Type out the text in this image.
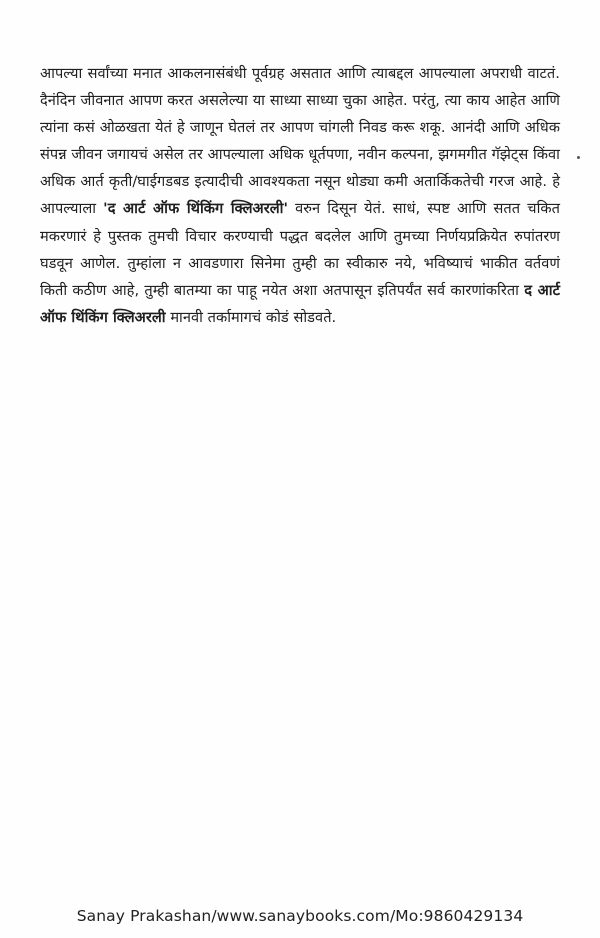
आपल्या सर्वांच्या मनात आकलनासंबंधी पूर्वग्रह असतात आणि त्याबद्दल आपल्याला अपराधी वाटतं. दैनंदिन जीवनात आपण करत असलेल्या या साध्या साध्या चुका आहेत. परंतु, त्या काय आहेत आणि त्यांना कसं ओळखता येतं हे जाणून घेतलं तर आपण चांगली निवड करू शकू. आनंदी आणि अधिक संपन्न जीवन जगायचं असेल तर आपल्याला अधिक धूर्तपणा, नवीन कल्पना, झगमगीत गॅझेट्स किंवा अधिक आर्त कृती/घाईगडबड इत्यादीची आवश्यकता नसून थोड्या कमी अतार्किकतेची गरज आहे. हे आपल्याला 'द आर्ट ऑफ थिंकिंग क्लिअरली' वरुन दिसून येतं. साधं, स्पष्ट आणि सतत चकित मकरणारं हे पुस्तक तुमची विचार करण्याची पद्धत बदलेल आणि तुमच्या निर्णयप्रक्रियेत रुपांतरण घडवून आणेल. तुम्हांला न आवडणारा सिनेमा तुम्ही का स्वीकारु नये, भविष्याचं भाकीत वर्तवणं किती कठीण आहे, तुम्ही बातम्या का पाहू नयेत अशा अतपासून इतिपर्यंत सर्व कारणांकरिता द आर्ट ऑफ थिंकिंग क्लिअरली मानवी तर्कामागचं कोडं सोडवते.

Sanay Prakashan/www.sanaybooks.com/Mo:9860429134
